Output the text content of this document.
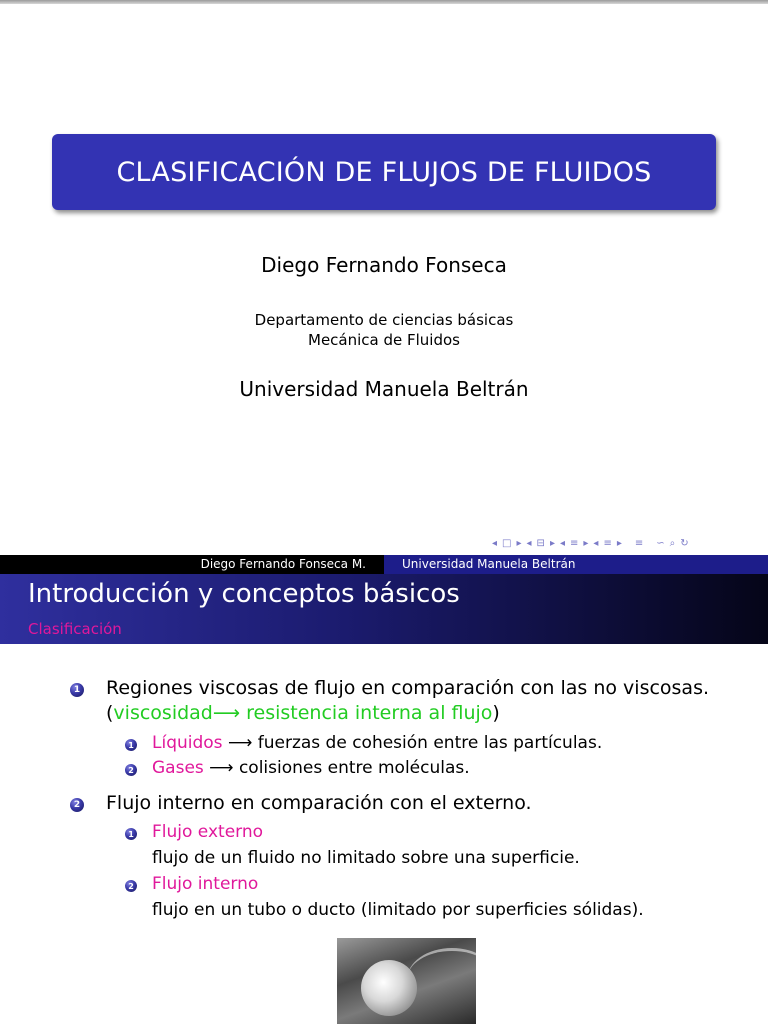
CLASIFICACIÓN DE FLUJOS DE FLUIDOS
Diego Fernando Fonseca
Departamento de ciencias básicas
Mecánica de Fluidos
Universidad Manuela Beltrán
◂ □ ▸ ◂ ⊟ ▸ ◂ ≡ ▸ ◂ ≡ ▸ ≡ ∽ ⌕ ↻
Diego Fernando Fonseca M.	Universidad Manuela Beltrán
Introducción y conceptos básicos
Clasificación
1 Regiones viscosas de flujo en comparación con las no viscosas.
(viscosidad⟶ resistencia interna al flujo)
1 Líquidos ⟶ fuerzas de cohesión entre las partículas.
2 Gases ⟶ colisiones entre moléculas.
2 Flujo interno en comparación con el externo.
1 Flujo externo
flujo de un fluido no limitado sobre una superficie.
2 Flujo interno
flujo en un tubo o ducto (limitado por superficies sólidas).
